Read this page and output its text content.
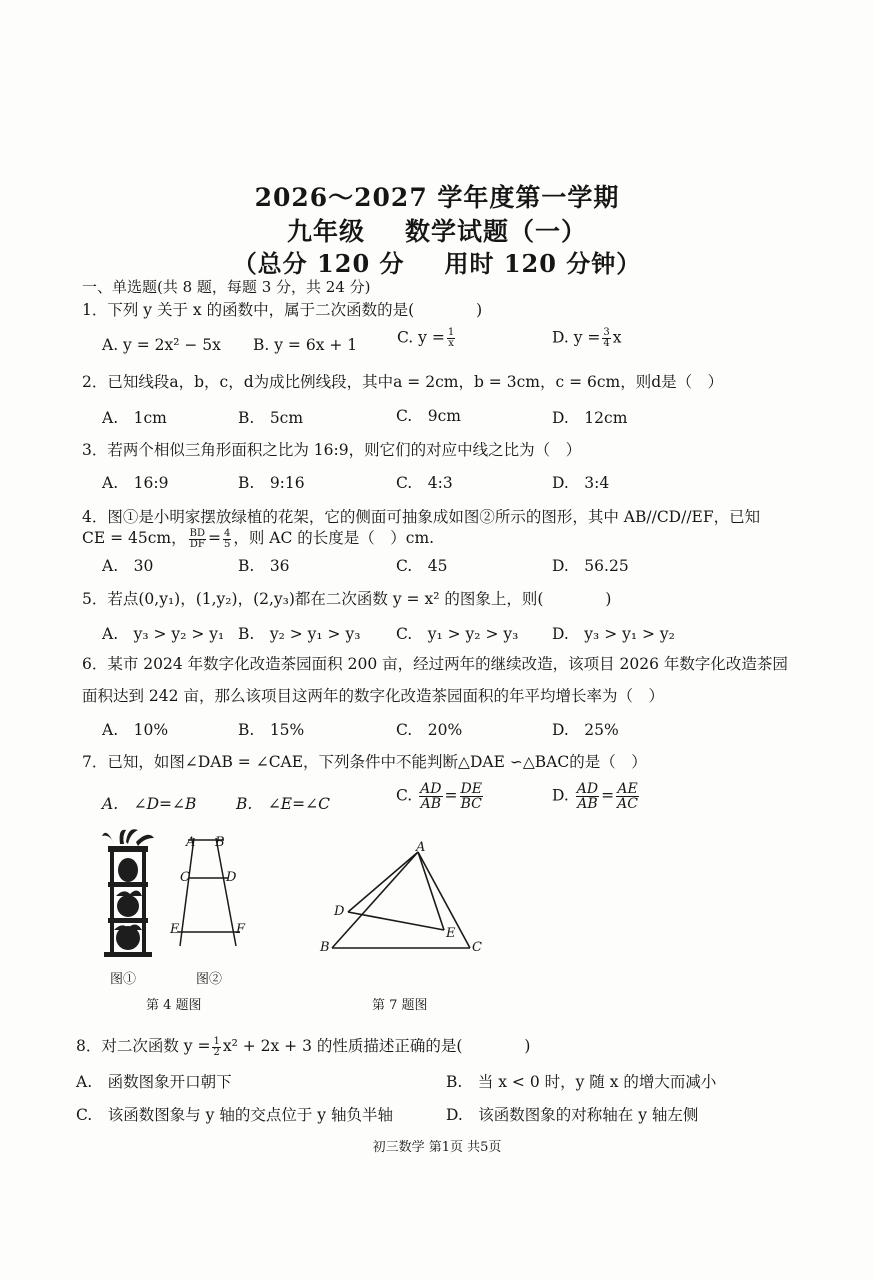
2026～2027 学年度第一学期
九年级 数学试题（一）
（总分 120 分 用时 120 分钟）
一、单选题(共 8 题，每题 3 分，共 24 分)
1．下列 y 关于 x 的函数中，属于二次函数的是(　　　　)
A. y = 2x² − 5x B. y = 6x + 1	C. $y = \frac{1}{x}$	D. $y = \frac{3}{4}$ x
2．已知线段a，b，c，d为成比例线段，其中a = 2cm，b = 3cm，c = 6cm，则d是（　）
A.　1cm	B.　5cm	C.　9cm	D.　12cm
3．若两个相似三角形面积之比为 16:9，则它们的对应中线之比为（　）
A.　16:9	B.　9:16	C.　4:3	D.　3:4
4．图①是小明家摆放绿植的花架，它的侧面可抽象成如图②所示的图形，其中 AB//CD//EF，已知
CE = 45cm， $\frac{BD}{DF} = \frac{4}{5}$ ，则 AC 的长度是（　）cm.
A.　30	B.　36	C.　45	D.　56.25
5．若点(0,y₁)，(1,y₂)，(2,y₃)都在二次函数 y = x² 的图象上，则(　　　　)
A.　y₃ > y₂ > y₁ B.　y₂ > y₁ > y₃ C.　y₁ > y₂ > y₃ D.　y₃ > y₁ > y₂
6．某市 2024 年数字化改造茶园面积 200 亩，经过两年的继续改造，该项目 2026 年数字化改造茶园
面积达到 242 亩，那么该项目这两年的数字化改造茶园面积的年平均增长率为（　）
A.　10%	B.　15%	C.　20%	D.　25%
7．已知，如图∠DAB = ∠CAE，下列条件中不能判断△DAE ∽△BAC的是（　）
A.　∠D=∠B	B.　∠E=∠C	C. $\frac{AD}{AB} = \frac{DE}{BC}$	D. $\frac{AD}{AB} = \frac{AE}{AC}$
图①
A B
C	D
E	F
图②
第 4 题图
A
B	C
D
E
第 7 题图
8．对二次函数 $y = \frac{1}{2} x^2 + 2x + 3$ 的性质描述正确的是(　　　　)
A.　函数图象开口朝下	B.　当 x < 0 时，y 随 x 的增大而减小
C.　该函数图象与 y 轴的交点位于 y 轴负半轴	D.　该函数图象的对称轴在 y 轴左侧
初三数学 第1页 共5页
